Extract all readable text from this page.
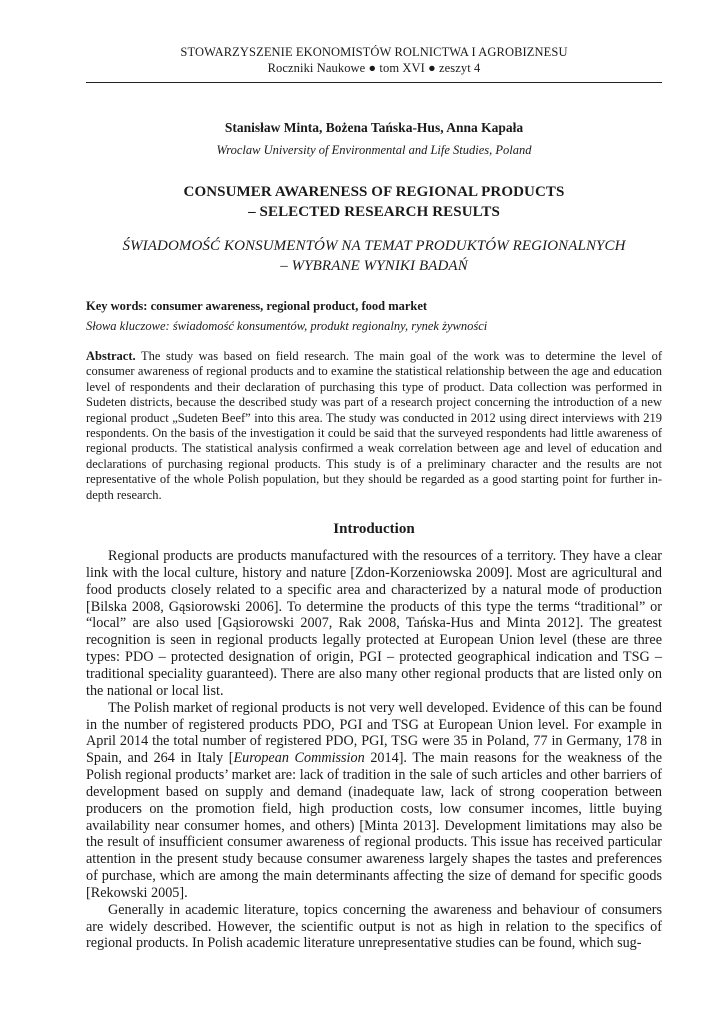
STOWARZYSZENIE EKONOMISTÓW ROLNICTWA I AGROBIZNESU
Roczniki Naukowe ● tom XVI ● zeszyt 4
Stanisław Minta, Bożena Tańska-Hus, Anna Kapała
Wroclaw University of Environmental and Life Studies, Poland
CONSUMER AWARENESS OF REGIONAL PRODUCTS
– SELECTED RESEARCH RESULTS
ŚWIADOMOŚĆ KONSUMENTÓW NA TEMAT PRODUKTÓW REGIONALNYCH
– WYBRANE WYNIKI BADAŃ
Key words: consumer awareness, regional product, food market
Słowa kluczowe: świadomość konsumentów, produkt regionalny, rynek żywności
Abstract. The study was based on field research. The main goal of the work was to determine the level of consumer awareness of regional products and to examine the statistical relationship between the age and education level of respondents and their declaration of purchasing this type of product. Data collection was performed in Sudeten districts, because the described study was part of a research project concerning the introduction of a new regional product „Sudeten Beef” into this area. The study was conducted in 2012 using direct interviews with 219 respondents. On the basis of the investigation it could be said that the surveyed respondents had little awareness of regional products. The statistical analysis confirmed a weak correlation between age and level of education and declarations of purchasing regional products. This study is of a preliminary character and the results are not representative of the whole Polish population, but they should be regarded as a good starting point for further in-depth research.
Introduction

Regional products are products manufactured with the resources of a territory. They have a clear link with the local culture, history and nature [Zdon-Korzeniowska 2009]. Most are agricultural and food products closely related to a specific area and characterized by a natural mode of production [Bilska 2008, Gąsiorowski 2006]. To determine the products of this type the terms “traditional” or “local” are also used [Gąsiorowski 2007, Rak 2008, Tańska-Hus and Minta 2012]. The greatest recognition is seen in regional products legally protected at European Union level (these are three types: PDO – protected designation of origin, PGI – protected geographical indication and TSG – traditional speciality guaranteed). There are also many other regional products that are listed only on the national or local list.

The Polish market of regional products is not very well developed. Evidence of this can be found in the number of registered products PDO, PGI and TSG at European Union level. For example in April 2014 the total number of registered PDO, PGI, TSG were 35 in Poland, 77 in Germany, 178 in Spain, and 264 in Italy [European Commission 2014]. The main reasons for the weakness of the Polish regional products’ market are: lack of tradition in the sale of such articles and other barriers of development based on supply and demand (inadequate law, lack of strong cooperation between producers on the promotion field, high production costs, low consumer incomes, little buying availability near consumer homes, and others) [Minta 2013]. Development limitations may also be the result of insufficient consumer awareness of regional products. This issue has received particular attention in the present study because consumer awareness largely shapes the tastes and preferences of purchase, which are among the main determinants affecting the size of demand for specific goods [Rekowski 2005].

Generally in academic literature, topics concerning the awareness and behaviour of consumers are widely described. However, the scientific output is not as high in relation to the specifics of regional products. In Polish academic literature unrepresentative studies can be found, which sug-
